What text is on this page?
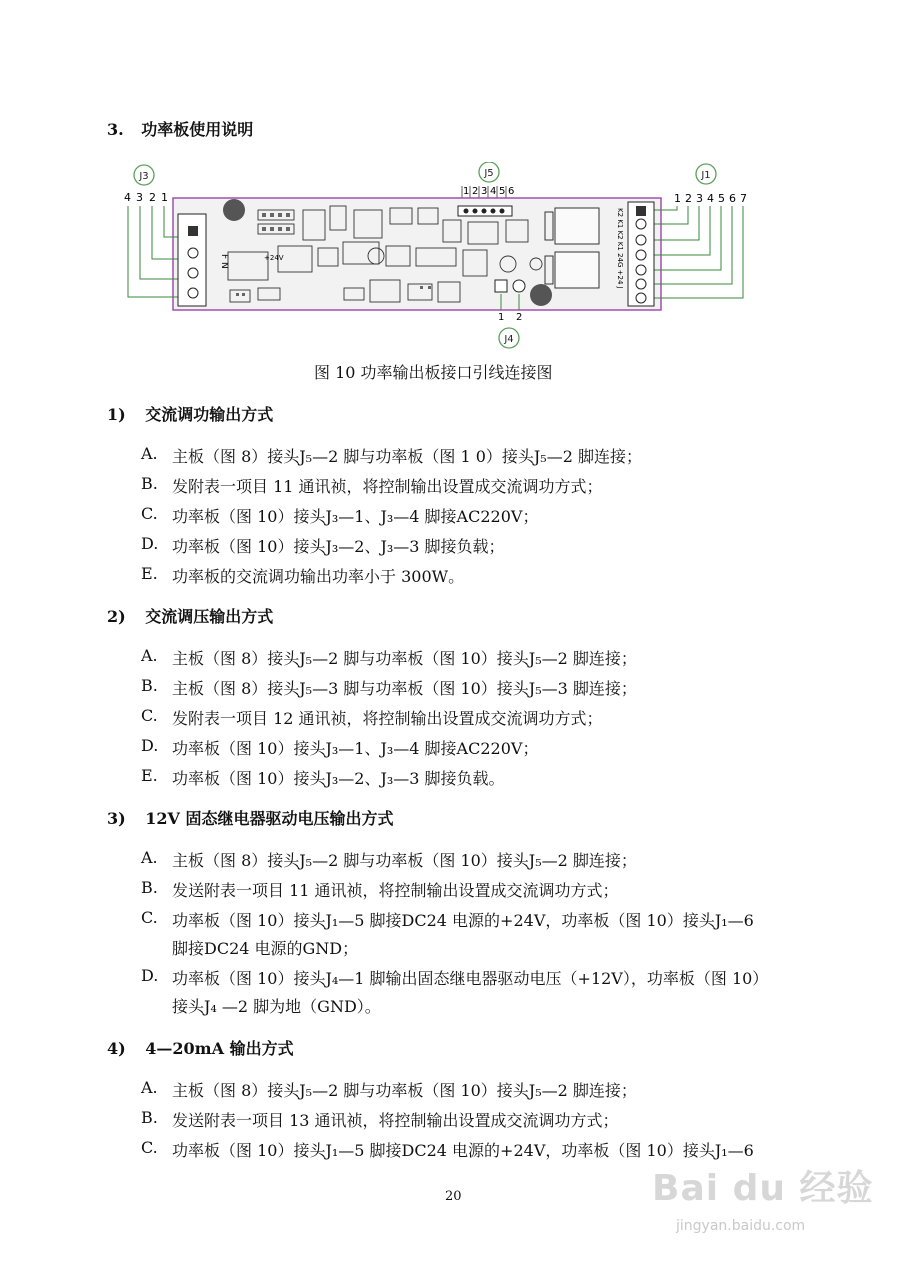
3. 功率板使用说明
J3	J5	J1
J4
4 3 2 1	1 2 3 4 5 6
1 2 3 4 5 6 7
1 2
F N	K2 K1 K2 K1 24G +24 J
+24V
图 10 功率输出板接口引线连接图
1) 交流调功输出方式
A. 主板（图 8）接头J₅—2 脚与功率板（图 1 0）接头J₅—2 脚连接；
B. 发附表一项目 11 通讯祯，将控制输出设置成交流调功方式；
C. 功率板（图 10）接头J₃—1、J₃—4 脚接AC220V；
D. 功率板（图 10）接头J₃—2、J₃—3 脚接负载；
E. 功率板的交流调功输出功率小于 300W。
2) 交流调压输出方式
A. 主板（图 8）接头J₅—2 脚与功率板（图 10）接头J₅—2 脚连接；
B. 主板（图 8）接头J₅—3 脚与功率板（图 10）接头J₅—3 脚连接；
C. 发附表一项目 12 通讯祯，将控制输出设置成交流调功方式；
D. 功率板（图 10）接头J₃—1、J₃—4 脚接AC220V；
E. 功率板（图 10）接头J₃—2、J₃—3 脚接负载。
3) 12V 固态继电器驱动电压输出方式
A. 主板（图 8）接头J₅—2 脚与功率板（图 10）接头J₅—2 脚连接；
B. 发送附表一项目 11 通讯祯，将控制输出设置成交流调功方式；
C. 功率板（图 10）接头J₁—5 脚接DC24 电源的+24V，功率板（图 10）接头J₁—6
脚接DC24 电源的GND；
D. 功率板（图 10）接头J₄—1 脚输出固态继电器驱动电压（+12V），功率板（图 10）
接头J₄ —2 脚为地（GND）。
4) 4—20mA 输出方式
A. 主板（图 8）接头J₅—2 脚与功率板（图 10）接头J₅—2 脚连接；
B. 发送附表一项目 13 通讯祯，将控制输出设置成交流调功方式；
C. 功率板（图 10）接头J₁—5 脚接DC24 电源的+24V，功率板（图 10）接头J₁—6
20	Bai du 经验
jingyan.baidu.com
